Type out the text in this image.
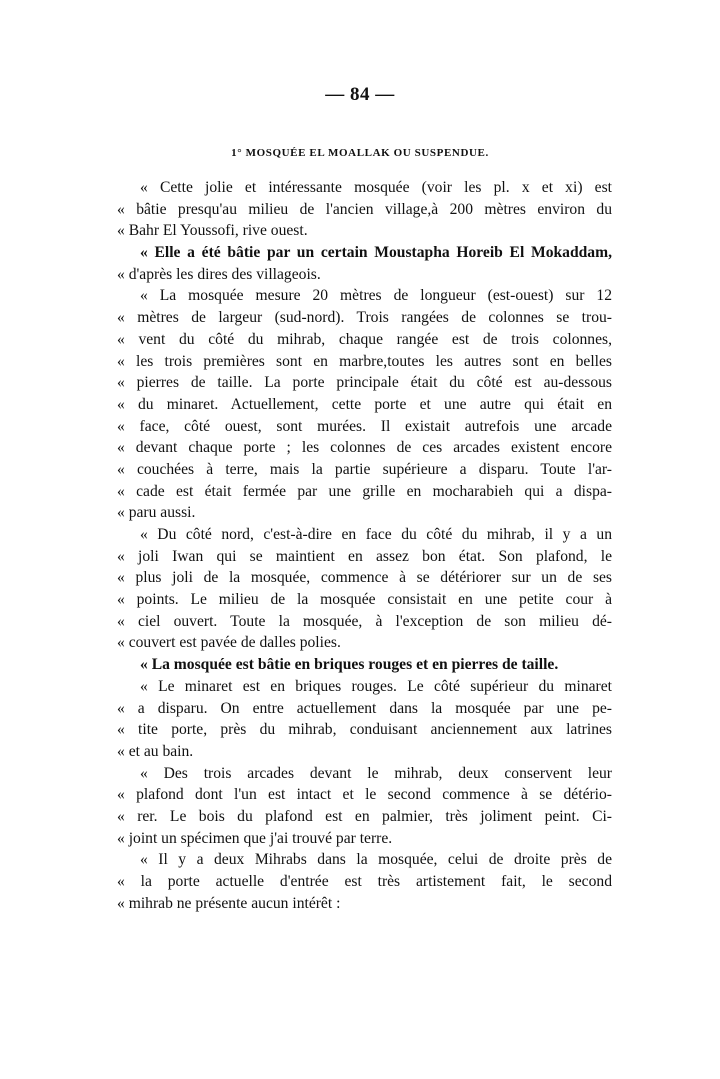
— 84 —
1° MOSQUÉE EL MOALLAK OU SUSPENDUE.
« Cette jolie et intéressante mosquée (voir les pl. x et xi) est
« bâtie presqu'au milieu de l'ancien village,à 200 mètres environ du
« Bahr El Youssofi, rive ouest.
« Elle a été bâtie par un certain Moustapha Horeib El Mokaddam,
« d'après les dires des villageois.
« La mosquée mesure 20 mètres de longueur (est-ouest) sur 12
« mètres de largeur (sud-nord). Trois rangées de colonnes se trou-
« vent du côté du mihrab, chaque rangée est de trois colonnes,
« les trois premières sont en marbre,toutes les autres sont en belles
« pierres de taille. La porte principale était du côté est au-dessous
« du minaret. Actuellement, cette porte et une autre qui était en
« face, côté ouest, sont murées. Il existait autrefois une arcade
« devant chaque porte ; les colonnes de ces arcades existent encore
« couchées à terre, mais la partie supérieure a disparu. Toute l'ar-
« cade est était fermée par une grille en mocharabieh qui a dispa-
« paru aussi.
« Du côté nord, c'est-à-dire en face du côté du mihrab, il y a un
« joli Iwan qui se maintient en assez bon état. Son plafond, le
« plus joli de la mosquée, commence à se détériorer sur un de ses
« points. Le milieu de la mosquée consistait en une petite cour à
« ciel ouvert. Toute la mosquée, à l'exception de son milieu dé-
« couvert est pavée de dalles polies.
« La mosquée est bâtie en briques rouges et en pierres de taille.
« Le minaret est en briques rouges. Le côté supérieur du minaret
« a disparu. On entre actuellement dans la mosquée par une pe-
« tite porte, près du mihrab, conduisant anciennement aux latrines
« et au bain.
« Des trois arcades devant le mihrab, deux conservent leur
« plafond dont l'un est intact et le second commence à se détério-
« rer. Le bois du plafond est en palmier, très joliment peint. Ci-
« joint un spécimen que j'ai trouvé par terre.
« Il y a deux Mihrabs dans la mosquée, celui de droite près de
« la porte actuelle d'entrée est très artistement fait, le second
« mihrab ne présente aucun intérêt :
